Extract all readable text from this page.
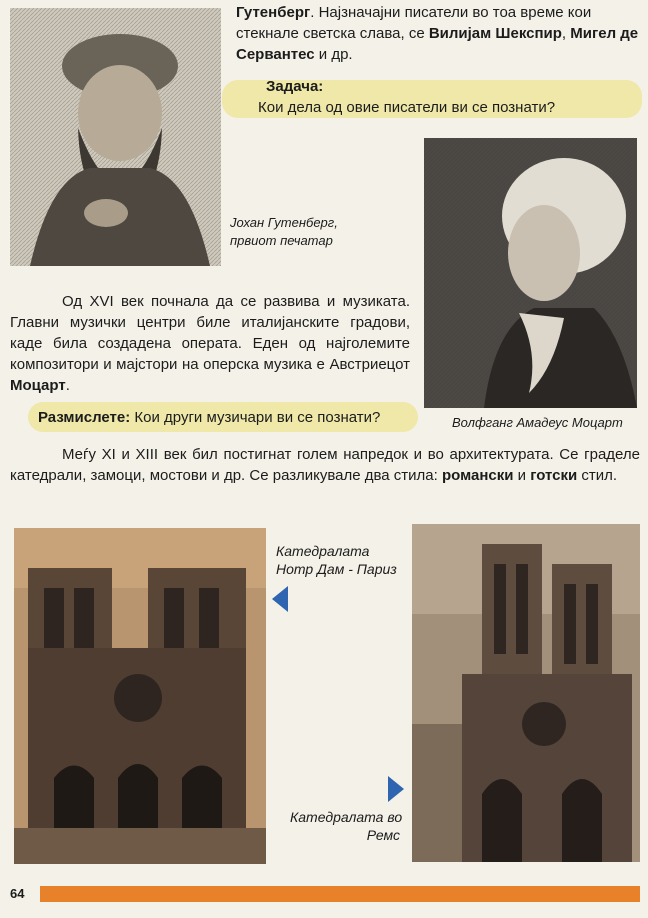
Гутенберг. Најзначајни писатели во тоа време кои стекнале светска слава, се Вилијам Шекспир, Мигел де Сервантес и др.
Задача:
Кои дела од овие писатели ви се познати?
Јохан Гутенберг,
првиот печатар
Од XVI век почнала да се развива и музиката. Главни музички центри биле италијанските градови, каде била создадена операта. Еден од најголемите композитори и мајстори на оперска музика е Австриецот Моцарт.
Размислете: Кои други музичари ви се познати?	Волфганг Амадеус Моцарт
Меѓу XI и XIII век бил постигнат голем напредок и во архитектурата. Се граделе катедрали, замоци, мостови и др. Се разликувале два стила: романски и готски стил.
Катедралата
Нотр Дам - Париз
Катедралата во
Ремс
64
